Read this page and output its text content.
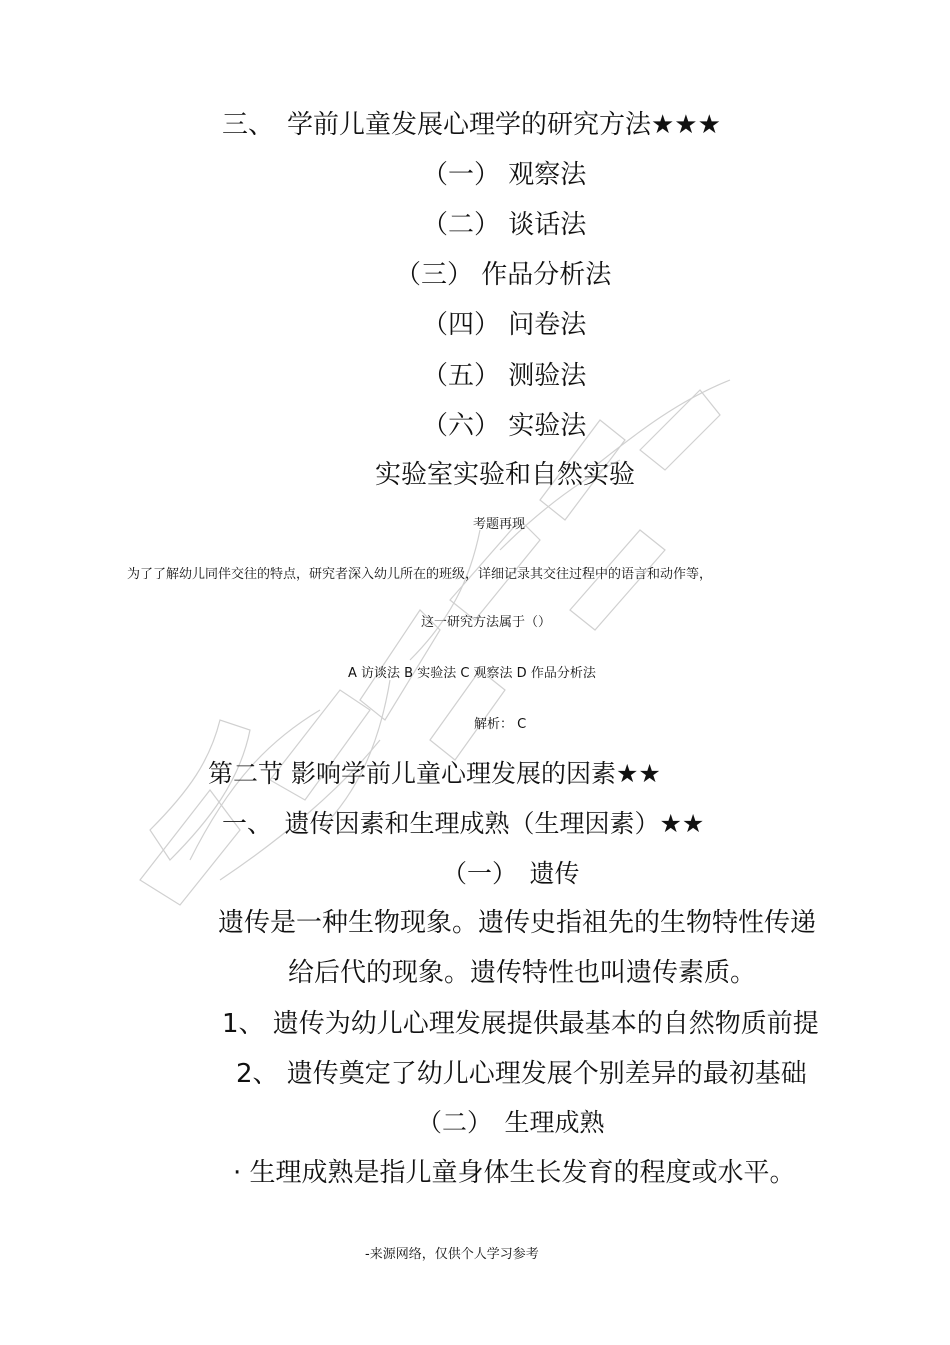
三、　学前儿童发展心理学的研究方法★★★
（一） 观察法
（二） 谈话法
（三） 作品分析法
（四） 问卷法
（五） 测验法
（六） 实验法
实验室实验和自然实验
考题再现
为了了解幼儿同伴交往的特点，研究者深入幼儿所在的班级，详细记录其交往过程中的语言和动作等，
这一研究方法属于（）
A 访谈法 B 实验法 C 观察法 D 作品分析法
解析： C
第二节 影响学前儿童心理发展的因素★★
一、　遗传因素和生理成熟（生理因素）★★
（一）　遗传
遗传是一种生物现象。遗传史指祖先的生物特性传递
给后代的现象。遗传特性也叫遗传素质。
1、 遗传为幼儿心理发展提供最基本的自然物质前提
2、 遗传奠定了幼儿心理发展个别差异的最初基础
（二）　生理成熟
· 生理成熟是指儿童身体生长发育的程度或水平。
-来源网络，仅供个人学习参考
